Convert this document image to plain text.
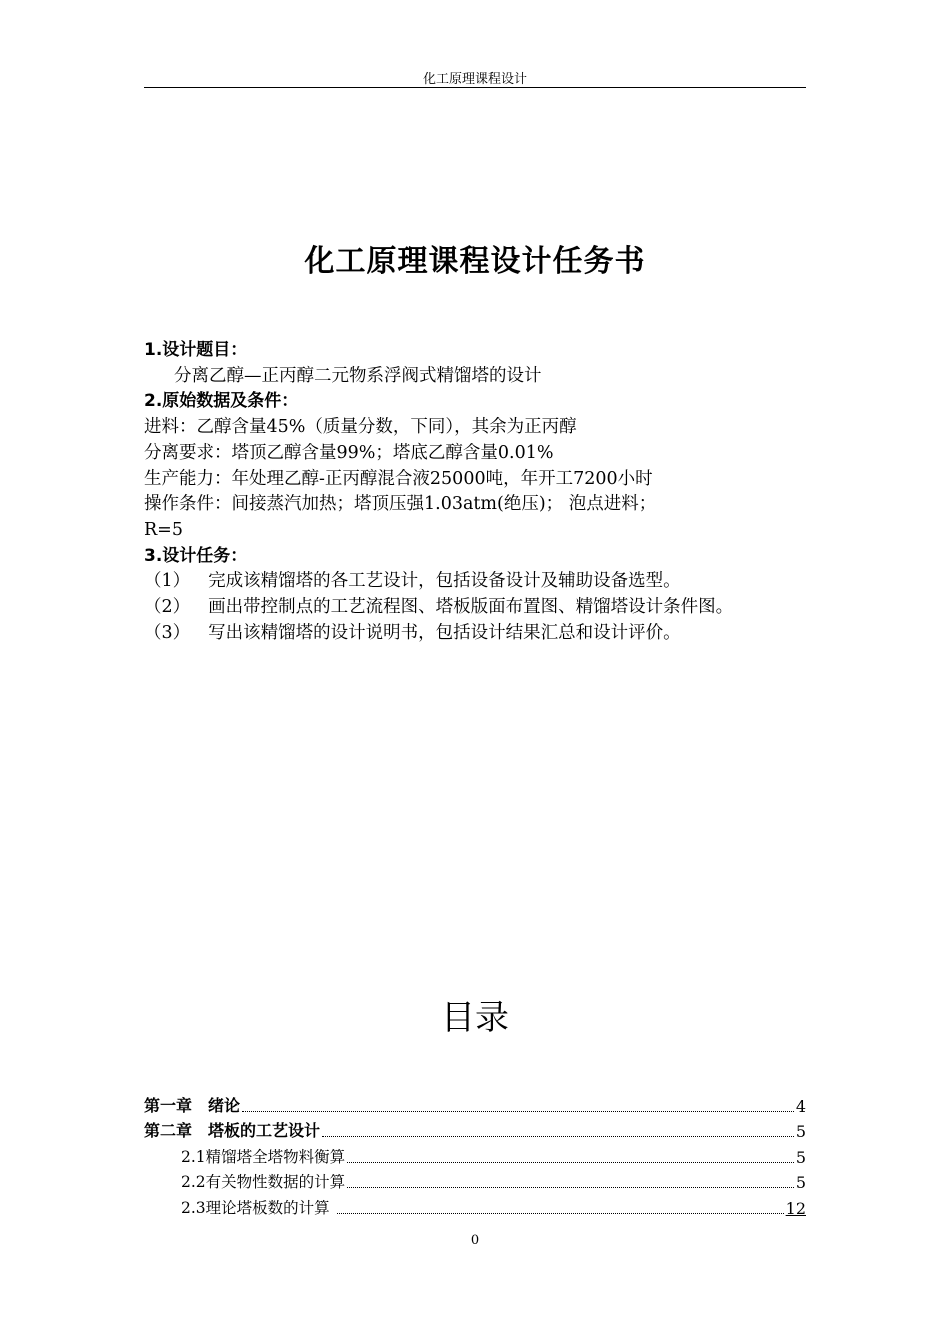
化工原理课程设计
化工原理课程设计任务书
1.设计题目：
分离乙醇—正丙醇二元物系浮阀式精馏塔的设计
2.原始数据及条件：
进料：乙醇含量45%（质量分数，下同），其余为正丙醇
分离要求：塔顶乙醇含量99%；塔底乙醇含量0.01%
生产能力：年处理乙醇-正丙醇混合液25000吨，年开工7200小时
操作条件：间接蒸汽加热；塔顶压强1.03atm(绝压)； 泡点进料；
R=5
3.设计任务：
（1） 完成该精馏塔的各工艺设计，包括设备设计及辅助设备选型。
（2） 画出带控制点的工艺流程图、塔板版面布置图、精馏塔设计条件图。
（3） 写出该精馏塔的设计说明书，包括设计结果汇总和设计评价。
目录
第一章　绪论	4
第二章　塔板的工艺设计	5
2.1精馏塔全塔物料衡算	5
2.2有关物性数据的计算	5
2.3理论塔板数的计算	12
0
